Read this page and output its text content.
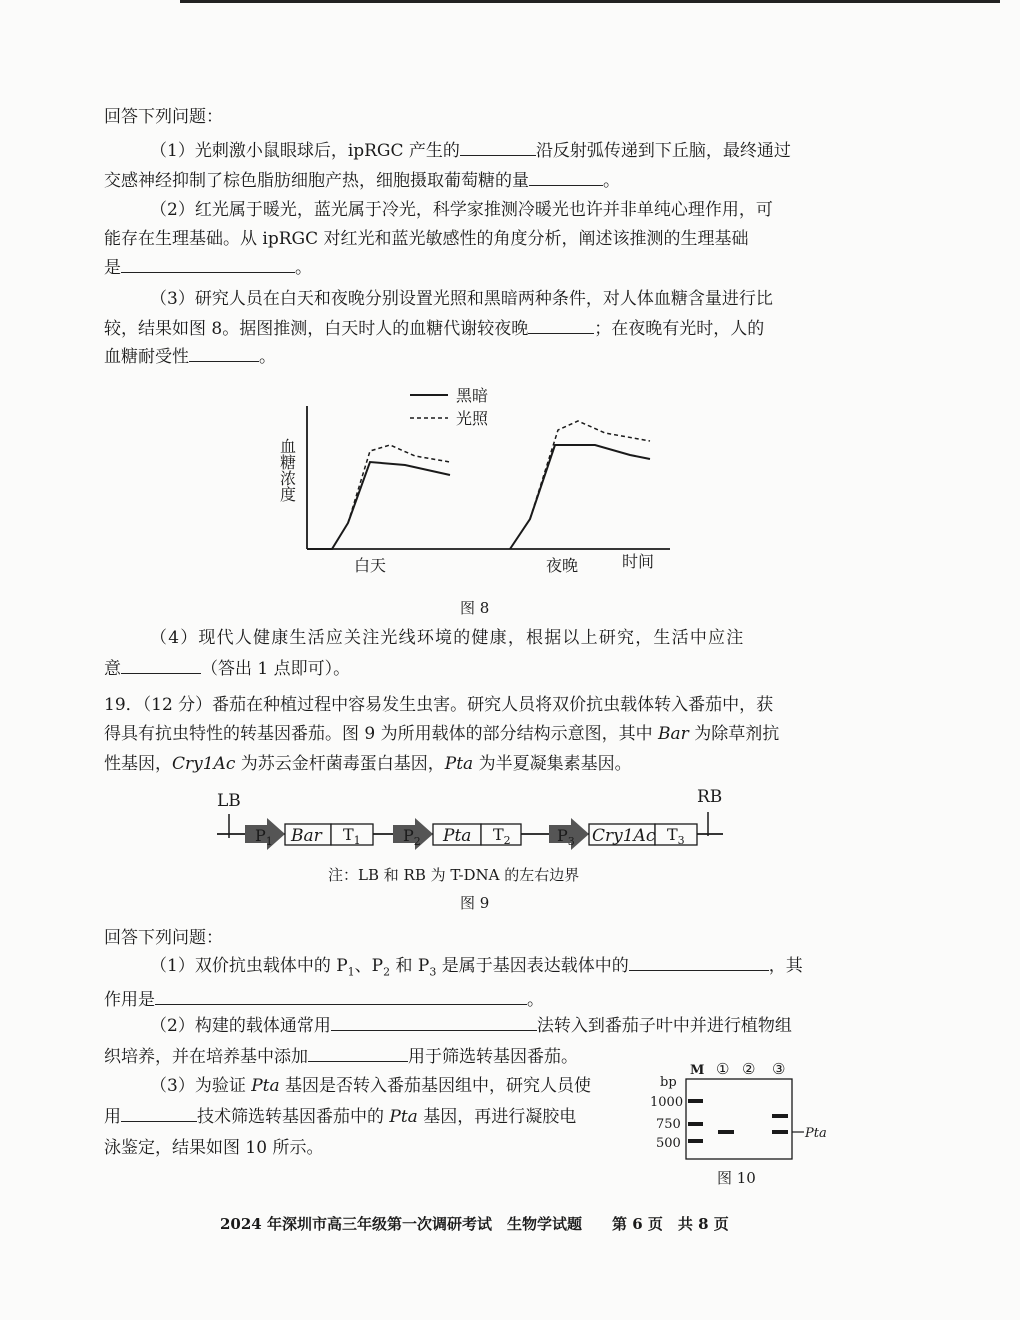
回答下列问题：
（1）光刺激小鼠眼球后，ipRGC 产生的	沿反射弧传递到下丘脑，最终通过
交感神经抑制了棕色脂肪细胞产热，细胞摄取葡萄糖的量	。
（2）红光属于暖光，蓝光属于冷光，科学家推测冷暖光也许并非单纯心理作用，可
能存在生理基础。从 ipRGC 对红光和蓝光敏感性的角度分析，阐述该推测的生理基础
是	。
（3）研究人员在白天和夜晚分别设置光照和黑暗两种条件，对人体血糖含量进行比
较，结果如图 8。据图推测，白天时人的血糖代谢较夜晚	；在夜晚有光时，人的
血糖耐受性	。
黑暗
光照
血糖浓度
白天	夜晚	时间
图 8
（4）现代人健康生活应关注光线环境的健康，根据以上研究，生活中应注
意	（答出 1 点即可）。
19．（12 分）番茄在种植过程中容易发生虫害。研究人员将双价抗虫载体转入番茄中，获
得具有抗虫特性的转基因番茄。图 9 为所用载体的部分结构示意图，其中 Bar 为除草剂抗
性基因，Cry1Ac 为苏云金杆菌毒蛋白基因，Pta 为半夏凝集素基因。
LB	RB
$P_1$ Bar $T_1$	$P_2$ Pta $T_2$	$P_3$ Cry1Ac $T_3$
注：LB 和 RB 为 T-DNA 的左右边界
图 9
回答下列问题：
（1）双价抗虫载体中的 $P_1$、$P_2$ 和 $P_3$ 是属于基因表达载体中的	，其
作用是	。
（2）构建的载体通常用	法转入到番茄子叶中并进行植物组
织培养，并在培养基中添加	用于筛选转基因番茄。
（3）为验证 Pta 基因是否转入番茄基因组中，研究人员使
用	技术筛选转基因番茄中的 Pta 基因，再进行凝胶电
泳鉴定，结果如图 10 所示。
M ① ② ③
bp
1000
750
500
Pta
图 10
2024 年深圳市高三年级第一次调研考试　生物学试题　　第 6 页　共 8 页
